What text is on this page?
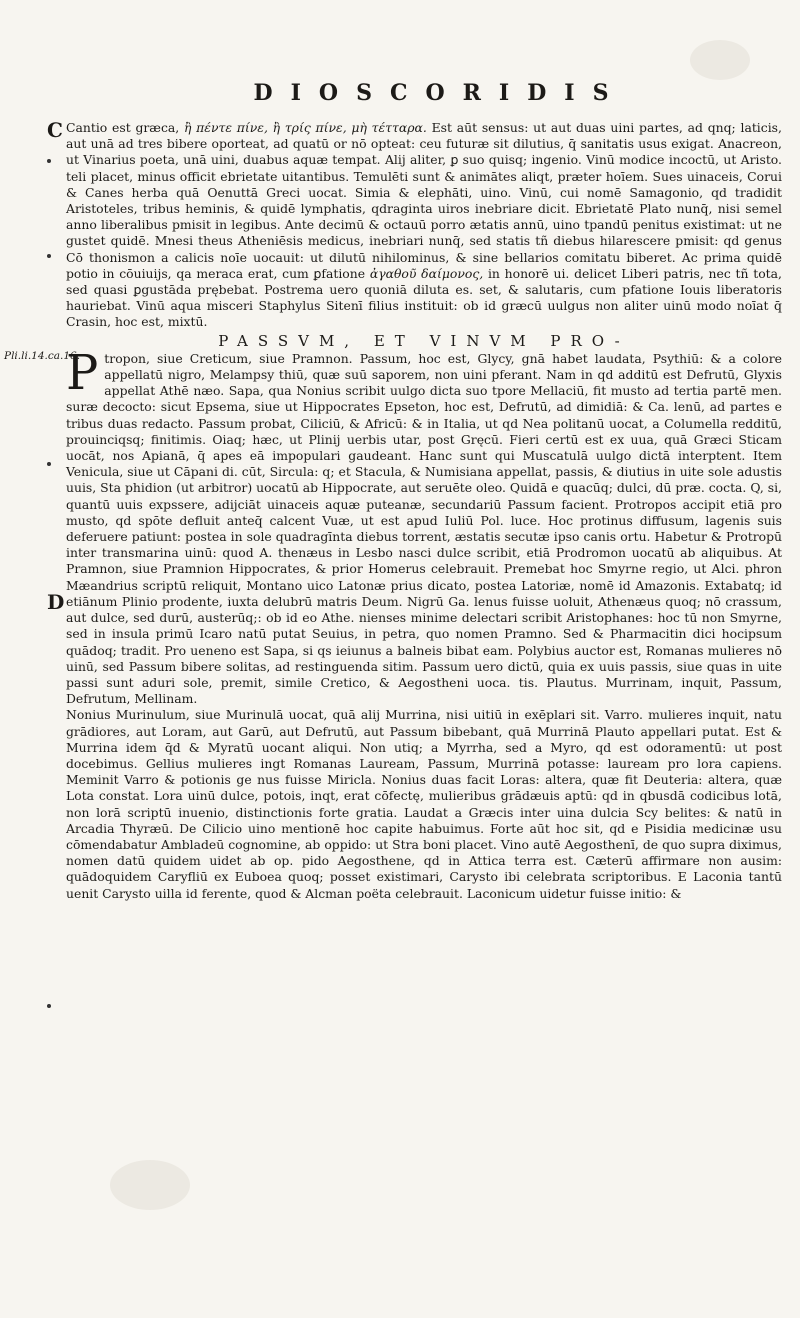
DIOSCORIDIS
C
D
Pli.li.14.ca.16.

Cantio est græca, ἢ πέντε πίνε, ἢ τρίς πίνε, μὴ τέτταρα. Est aūt sensus: ut aut duas uini partes, ad qnq; laticis, aut unā ad tres bibere oporteat, ad quatū or nō opteat: ceu futuræ sit dilutius, q̄ sanitatis usus exigat. Anacreon, ut Vinarius poeta, unā uini, duabus aquæ tempat. Alij aliter, ꝑ suo quisq; ingenio. Vinū modice incoctū, ut Aristo. teli placet, minus officit ebrietate uitantibus. Temulēti sunt & animātes aliqt, præter hoīem. Sues uinaceis, Corui & Canes herba quā Oenuttā Greci uocat. Simia & elephāti, uino. Vinū, cui nomē Samagonio, qd tradidit Aristoteles, tribus heminis, & quidē lymphatis, qdraginta uiros inebriare dicit. Ebrietatē Plato nunq̄, nisi semel anno liberalibus pmisit in legibus. Ante decimū & octauū porro ætatis annū, uino tpandū penitus existimat: ut ne gustet quidē. Mnesi theus Atheniēsis medicus, inebriari nunq̄, sed statis tñ diebus hilarescere pmisit: qd genus Cō thonismon a calicis noīe uocauit: ut dilutū nihilominus, & sine bellarios comitatu biberet. Ac prima quidē potio in cōuiuijs, qa meraca erat, cum ꝑfatione ἀγαθοῦ δαίμονος, in honorē ui. delicet Liberi patris, nec tñ tota, sed quasi ꝑgustāda prębebat. Postrema uero quoniā diluta es. set, & salutaris, cum pfatione Iouis liberatoris hauriebat. Vinū aqua misceri Staphylus Sitenī filius instituit: ob id græcū uulgus non aliter uinū modo noīat q̄ Crasin, hoc est, mixtū.

PASSVM, ET VINVM PRO-

P tropon, siue Creticum, siue Pramnon. Passum, hoc est, Glycy, gnā habet laudata, Psythiū: & a colore appellatū nigro, Melampsy thiū, quæ suū saporem, non uini pferant. Nam in qd additū est Defrutū, Glyxis appellat Athē næo. Sapa, qua Nonius scribit uulgo dicta suo tpore Mellaciū, fit musto ad tertia partē men. suræ decocto: sicut Epsema, siue ut Hippocrates Epseton, hoc est, Defrutū, ad dimidiā: & Ca. lenū, ad partes e tribus duas redacto. Passum probat, Ciliciū, & Africū: & in Italia, ut qd Nea politanū uocat, a Columella redditū, prouinciqsq; finitimis. Oiaq; hæc, ut Plinij uerbis utar, post Gręcū. Fieri certū est ex uua, quā Græci Sticam uocāt, nos Apianā, q̄ apes eā impopulari gaudeant. Hanc sunt qui Muscatulā uulgo dictā interptent. Item Venicula, siue ut Cāpani di. cūt, Sircula: q; et Stacula, & Numisiana appellat, passis, & diutius in uite sole adustis uuis, Sta phidion (ut arbitror) uocatū ab Hippocrate, aut seruēte oleo. Quidā e quacūq; dulci, dū præ. cocta. Q, si, quantū uuis expssere, adijciāt uinaceis aquæ puteanæ, secundariū Passum facient. Protropos accipit etiā pro musto, qd spōte defluit anteq̄ calcent Vuæ, ut est apud Iuliū Pol. luce. Hoc protinus diffusum, lagenis suis deferuere patiunt: postea in sole quadragīnta diebus torrent, æstatis secutæ ipso canis ortu. Habetur & Protropū inter transmarina uinū: quod A. thenæus in Lesbo nasci dulce scribit, etiā Prodromon uocatū ab aliquibus. At Pramnon, siue Pramnion Hippocrates, & prior Homerus celebrauit. Premebat hoc Smyrne regio, ut Alci. phron Mæandrius scriptū reliquit, Montano uico Latonæ prius dicato, postea Latoriæ, nomē id Amazonis. Extabatq; id etiānum Plinio prodente, iuxta delubrū matris Deum. Nigrū Ga. lenus fuisse uoluit, Athenæus quoq; nō crassum, aut dulce, sed durū, austerūq;: ob id eo Athe. nienses minime delectari scribit Aristophanes: hoc tū non Smyrne, sed in insula primū Icaro natū putat Seuius, in petra, quo nomen Pramno. Sed & Pharmacitin dici hocipsum quādoq; tradit. Pro ueneno est Sapa, si qs ieiunus a balneis bibat eam. Polybius auctor est, Romanas mulieres nō uinū, sed Passum bibere solitas, ad restinguenda sitim. Passum uero dictū, quia ex uuis passis, siue quas in uite passi sunt aduri sole, premit, simile Cretico, & Aegostheni uoca. tis. Plautus. Murrinam, inquit, Passum, Defrutum, Mellinam.

Nonius Murinulum, siue Murinulā uocat, quā alij Murrina, nisi uitiū in exēplari sit. Varro. mulieres inquit, natu grādiores, aut Loram, aut Garū, aut Defrutū, aut Passum bibebant, quā Murrinā Plauto appellari putat. Est & Murrina idem q̄d & Myratū uocant aliqui. Non utiq; a Myrrha, sed a Myro, qd est odoramentū: ut post docebimus. Gellius mulieres ingt Romanas Lauream, Passum, Murrinā potasse: lauream pro lora capiens. Meminit Varro & potionis ge nus fuisse Miricla. Nonius duas facit Loras: altera, quæ fit Deuteria: altera, quæ Lota constat. Lora uinū dulce, potois, inqt, erat cōfectę, mulieribus grādæuis aptū: qd in qbusdā codicibus lotā, non lorā scriptū inuenio, distinctionis forte gratia. Laudat a Græcis inter uina dulcia Scy belites: & natū in Arcadia Thyræū. De Cilicio uino mentionē hoc capite habuimus. Forte aūt hoc sit, qd e Pisidia medicinæ usu cōmendabatur Ambladeū cognomine, ab oppido: ut Stra boni placet. Vino autē Aegosthenī, de quo supra diximus, nomen datū quidem uidet ab op. pido Aegosthene, qd in Attica terra est. Cæterū affirmare non ausim: quādoquidem Caryfliū ex Euboea quoq; posset existimari, Carysto ibi celebrata scriptoribus. E Laconia tantū uenit Carysto uilla id ferente, quod & Alcman poëta celebrauit. Laconicum uidetur fuisse initio: &
